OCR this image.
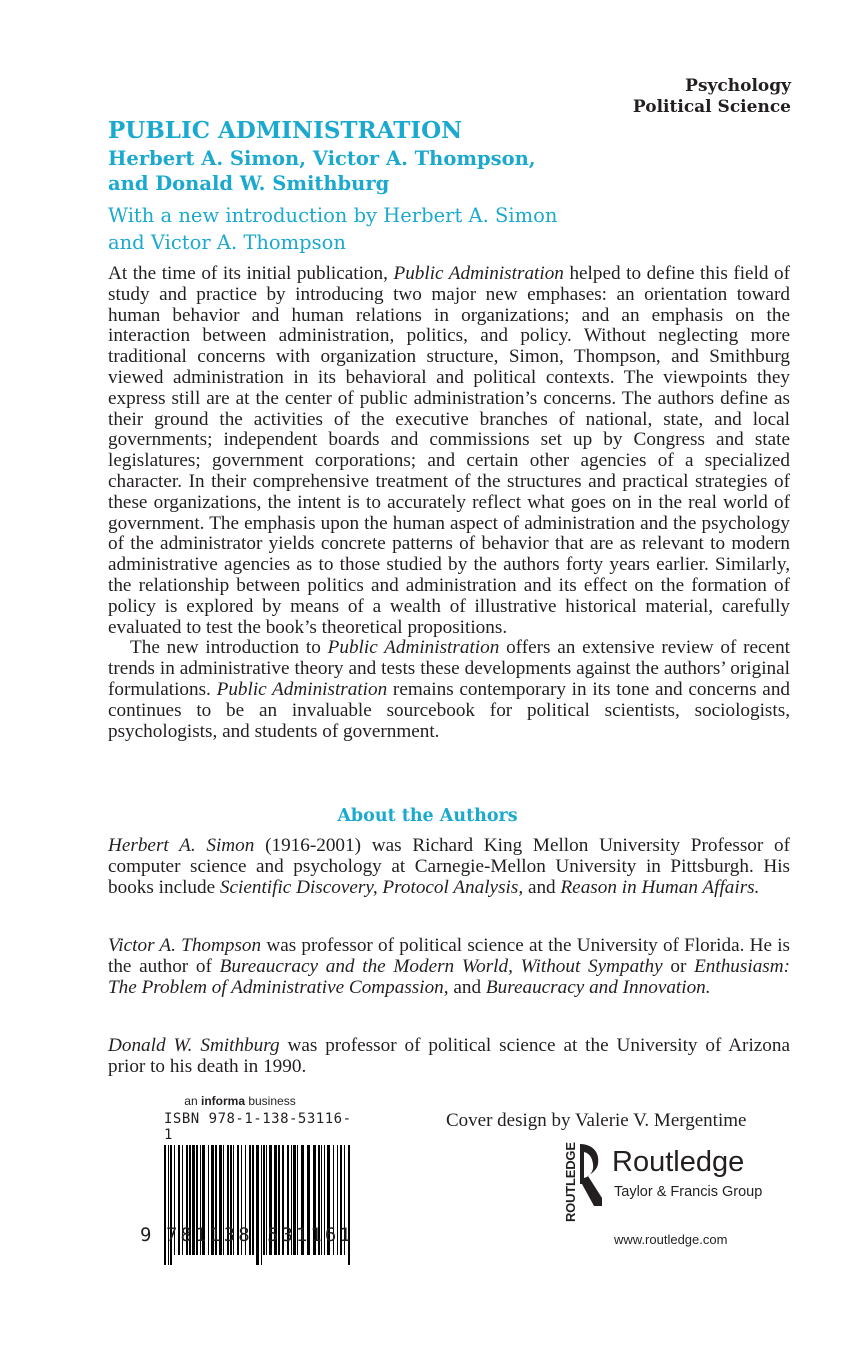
Psychology
Political Science
PUBLIC ADMINISTRATION
Herbert A. Simon, Victor A. Thompson,
and Donald W. Smithburg
With a new introduction by Herbert A. Simon
and Victor A. Thompson

At the time of its initial publication, Public Administration helped to define this field of study and practice by introducing two major new emphases: an orientation toward human behavior and human relations in organizations; and an emphasis on the interaction between administration, politics, and policy. Without neglecting more traditional concerns with organization structure, Simon, Thompson, and Smithburg viewed administration in its behavioral and political contexts. The viewpoints they express still are at the center of public administration’s concerns. The authors define as their ground the activities of the executive branches of national, state, and local governments; independent boards and commissions set up by Congress and state legislatures; government corporations; and certain other agencies of a specialized character. In their comprehensive treatment of the structures and practical strategies of these organizations, the intent is to accurately reflect what goes on in the real world of government. The emphasis upon the human aspect of administration and the psychology of the administrator yields concrete patterns of behavior that are as relevant to modern administrative agencies as to those studied by the authors forty years earlier. Similarly, the relationship between politics and administration and its effect on the formation of policy is explored by means of a wealth of illustrative historical material, carefully evaluated to test the book’s theoretical propositions.

The new introduction to Public Administration offers an extensive review of recent trends in administrative theory and tests these developments against the authors’ original formulations. Public Administration remains contemporary in its tone and concerns and continues to be an invaluable sourcebook for political scientists, sociologists, psychologists, and students of government.

About the Authors
Herbert A. Simon (1916-2001) was Richard King Mellon University Professor of computer science and psychology at Carnegie-Mellon University in Pittsburgh. His books include Scientific Discovery, Protocol Analysis, and Reason in Human Affairs.
Victor A. Thompson was professor of political science at the University of Florida. He is the author of Bureaucracy and the Modern World, Without Sympathy or Enthusiasm: The Problem of Administrative Compassion, and Bureaucracy and Innovation.
Donald W. Smithburg was professor of political science at the University of Arizona prior to his death in 1990.
an informa business
ISBN 978-1-138-53116-1
9 781138 531161
Cover design by Valerie V. Mergentime
ROUTLEDGE Routledge
Taylor & Francis Group
www.routledge.com
